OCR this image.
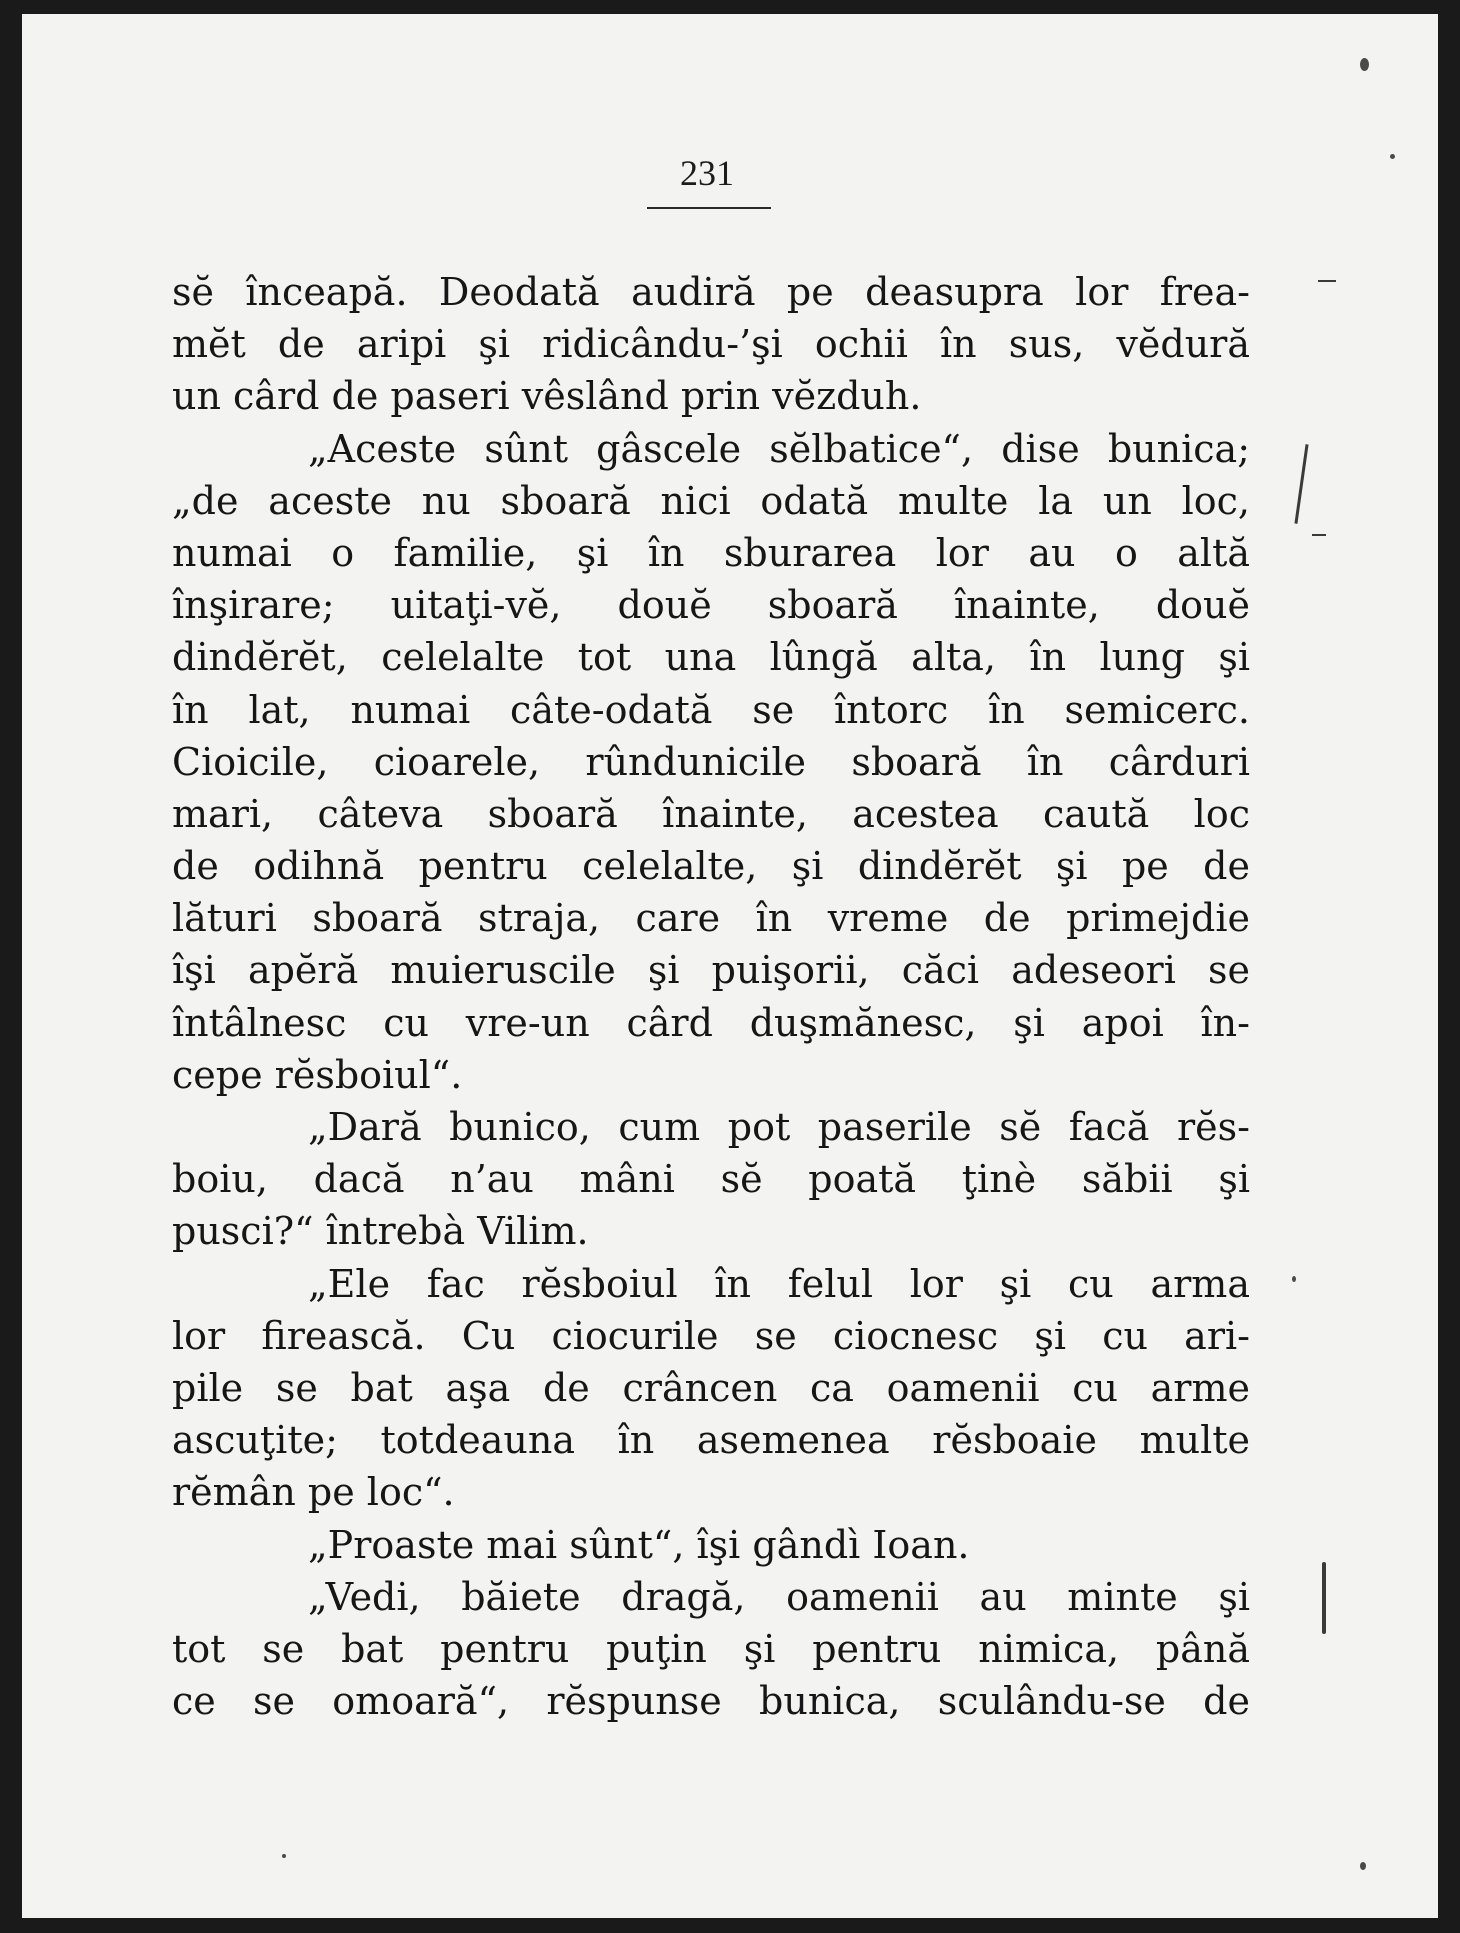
231
sĕ înceapă. Deodată audiră pe deasupra lor frea-
mĕt de aripi şi ridicându-’şi ochii în sus, vĕdură
un cârd de paseri vêslând prin vĕzduh.
„Aceste sûnt gâscele sĕlbatice“, dise bunica;
„de aceste nu sboară nici odată multe la un loc,
numai o familie, şi în sburarea lor au o altă
înşirare; uitaţi-vĕ, douĕ sboară înainte, douĕ
dindĕrĕt, celelalte tot una lûngă alta, în lung şi
în lat, numai câte-odată se întorc în semicerc.
Cioicile, cioarele, rûndunicile sboară în cârduri
mari, câteva sboară înainte, acestea caută loc
de odihnă pentru celelalte, şi dindĕrĕt şi pe de
lături sboară straja, care în vreme de primejdie
îşi apĕră muieruscile şi puişorii, căci adeseori se
întâlnesc cu vre-un cârd duşmănesc, şi apoi în-
cepe rĕsboiul“.
„Dară bunico, cum pot paserile sĕ facă rĕs-
boiu, dacă n’au mâni sĕ poată ţinè săbii şi
pusci?“ întrebà Vilim.
„Ele fac rĕsboiul în felul lor şi cu arma
lor firească. Cu ciocurile se ciocnesc şi cu ari-
pile se bat aşa de crâncen ca oamenii cu arme
ascuţite; totdeauna în asemenea rĕsboaie multe
rĕmân pe loc“.
„Proaste mai sûnt“, îşi gândì Ioan.
„Vedi, băiete dragă, oamenii au minte şi
tot se bat pentru puţin şi pentru nimica, până
ce se omoară“, rĕspunse bunica, sculându-se de
